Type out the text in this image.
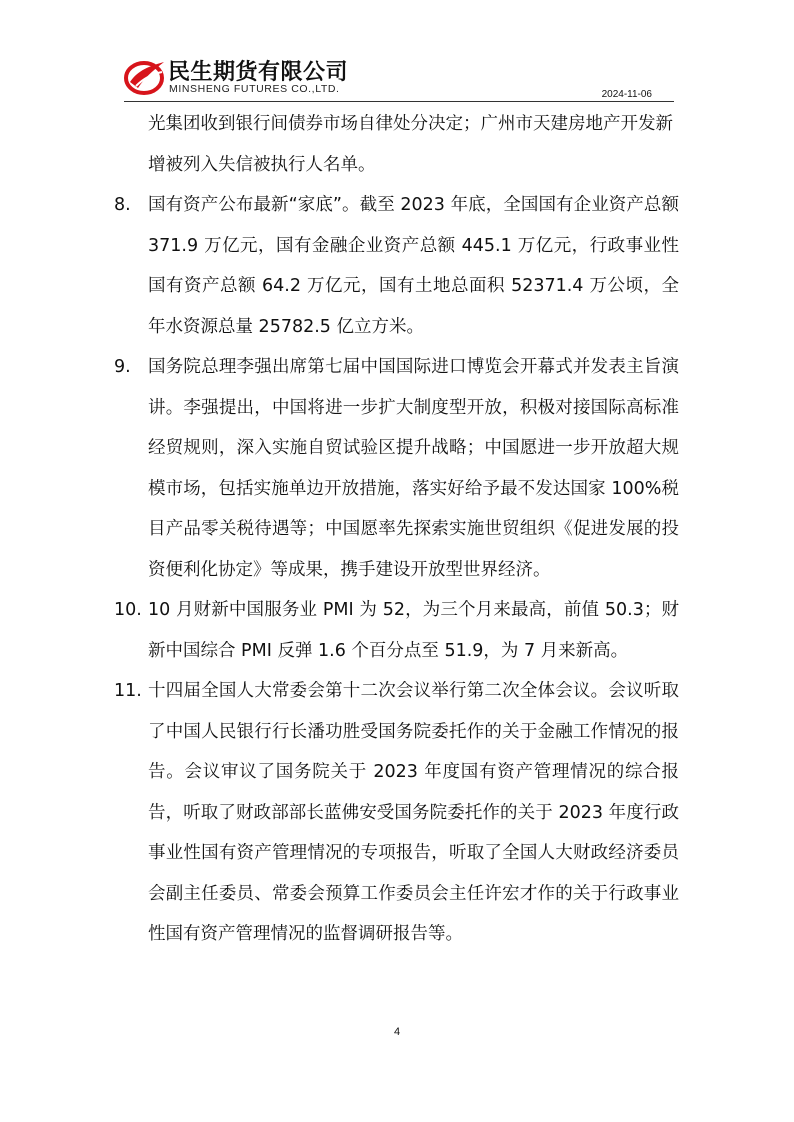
民生期货有限公司
MINSHENG FUTURES CO.,LTD.	2024-11-06

光集团收到银行间债券市场自律处分决定；广州市天建房地产开发新增被列入失信被执行人名单。

8. 国有资产公布最新“家底”。截至 2023 年底，全国国有企业资产总额 371.9 万亿元，国有金融企业资产总额 445.1 万亿元，行政事业性国有资产总额 64.2 万亿元，国有土地总面积 52371.4 万公顷，全年水资源总量 25782.5 亿立方米。
9. 国务院总理李强出席第七届中国国际进口博览会开幕式并发表主旨演讲。李强提出，中国将进一步扩大制度型开放，积极对接国际高标准经贸规则，深入实施自贸试验区提升战略；中国愿进一步开放超大规模市场，包括实施单边开放措施，落实好给予最不发达国家 100%税目产品零关税待遇等；中国愿率先探索实施世贸组织《促进发展的投资便利化协定》等成果，携手建设开放型世界经济。
10. 10 月财新中国服务业 PMI 为 52，为三个月来最高，前值 50.3；财新中国综合 PMI 反弹 1.6 个百分点至 51.9，为 7 月来新高。
11. 十四届全国人大常委会第十二次会议举行第二次全体会议。会议听取了中国人民银行行长潘功胜受国务院委托作的关于金融工作情况的报告。会议审议了国务院关于 2023 年度国有资产管理情况的综合报告，听取了财政部部长蓝佛安受国务院委托作的关于 2023 年度行政事业性国有资产管理情况的专项报告，听取了全国人大财政经济委员会副主任委员、常委会预算工作委员会主任许宏才作的关于行政事业性国有资产管理情况的监督调研报告等。
4
